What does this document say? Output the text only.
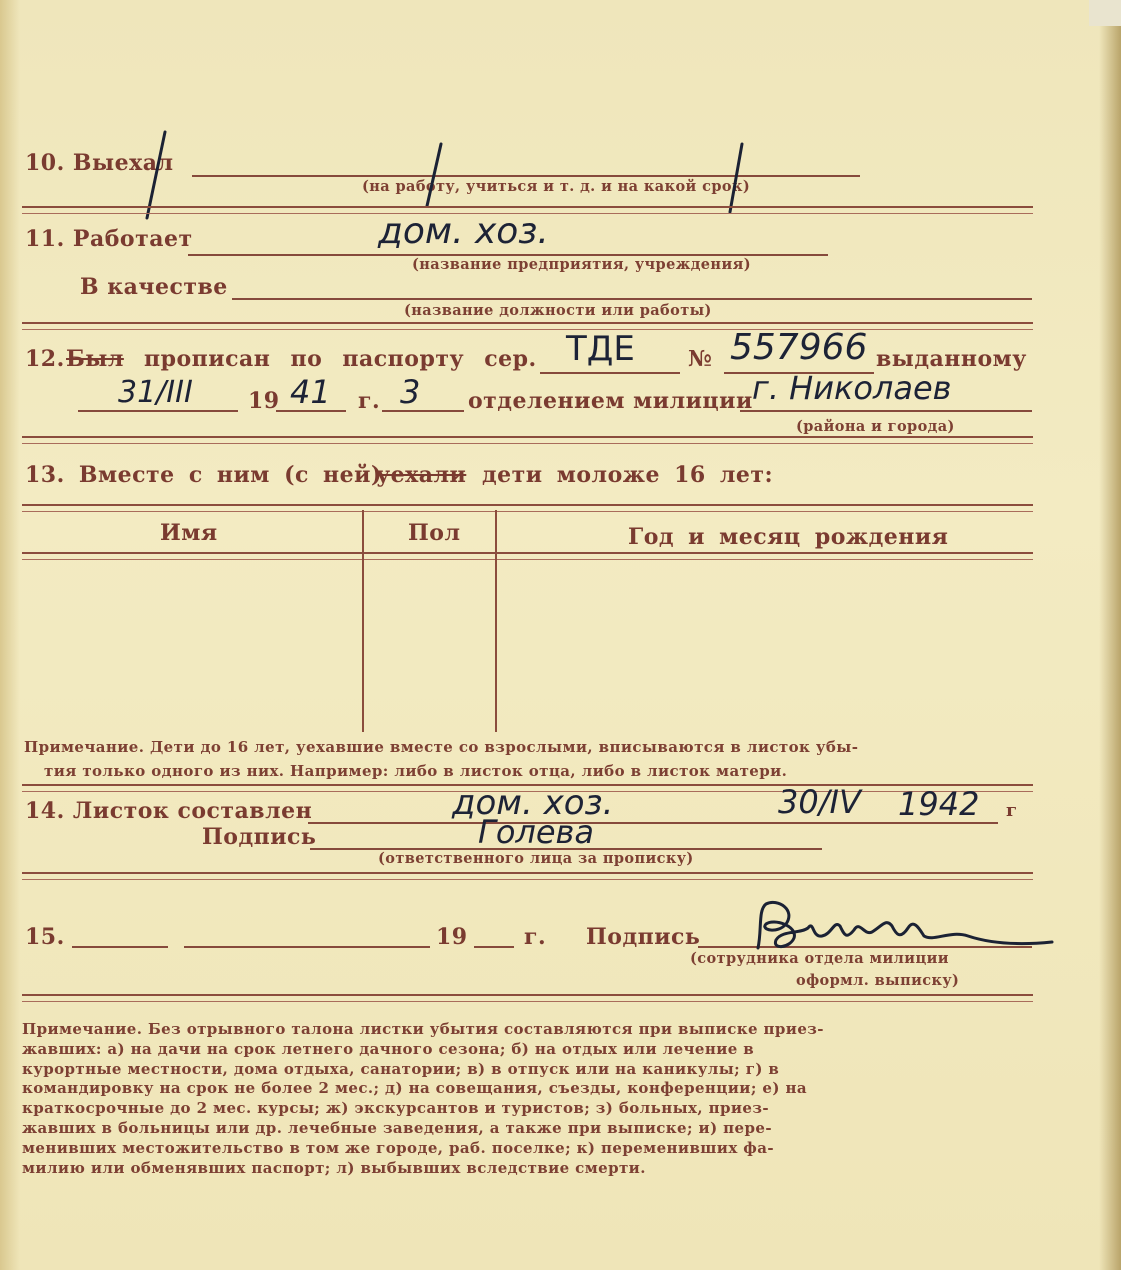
10. Выехал
(на работу, учиться и т. д. и на какой срок)
11. Работает	дом. хоз.
(название предприятия, учреждения)
В качестве
(название должности или работы)
12. Был прописан по паспорту сер. ТДЕ № 557966 выданному
31/III	19 41 г. 3 отделением милиции г. Николаев
(района и города)
13. Вместе с ним (с ней)
уехали дети моложе 16 лет:
Имя	Пол	Год и месяц рождения
Примечание. Дети до 16 лет, уехавшие вместе со взрослыми, вписываются в листок убы-
тия только одного из них. Например: либо в листок отца, либо в листок матери.
14. Листок составлен	дом. хоз.	30/IV 1942 г
Подпись	Голева
(ответственного лица за прописку)
15.	19	г. Подпись
(сотрудника отдела милиции
оформл. выписку)
Примечание. Без отрывного талона листки убытия составляются при выписке приез-
жавших: а) на дачи на срок летнего дачного сезона; б) на отдых или лечение в
курортные местности, дома отдыха, санатории; в) в отпуск или на каникулы; г) в
командировку на срок не более 2 мес.; д) на совещания, съезды, конференции; е) на
краткосрочные до 2 мес. курсы; ж) экскурсантов и туристов; з) больных, приез-
жавших в больницы или др. лечебные заведения, а также при выписке; и) пере-
менивших местожительство в том же городе, раб. поселке; к) переменивших фа-
милию или обменявших паспорт; л) выбывших вследствие смерти.
